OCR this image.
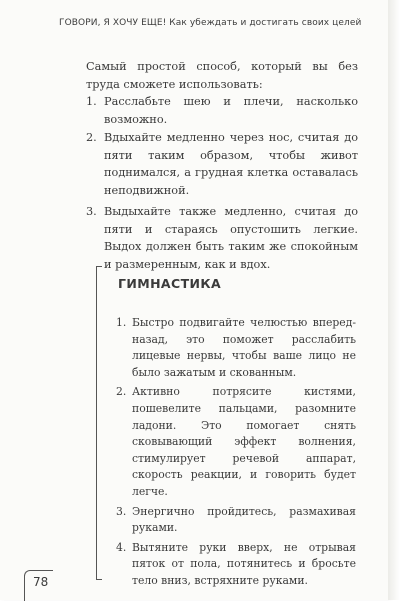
ГОВОРИ, Я ХОЧУ ЕЩЕ! Как убеждать и достигать своих целей

Самый простой способ, который вы без труда сможете использовать:

1. Расслабьте шею и плечи, насколько возможно.
2. Вдыхайте медленно через нос, считая до пяти таким образом, чтобы живот поднимался, а грудная клетка оставалась неподвижной.
3. Выдыхайте также медленно, считая до пяти и стараясь опустошить легкие. Выдох должен быть таким же спокойным и размеренным, как и вдох.
ГИМНАСТИКА
1. Быстро подвигайте челюстью вперед-назад, это поможет расслабить лицевые нервы, чтобы ваше лицо не было зажатым и скованным.
2. Активно потрясите кистями, пошевелите пальцами, разомните ладони. Это помогает снять сковывающий эффект волнения, стимулирует речевой аппарат, скорость реакции, и говорить будет легче.
3. Энергично пройдитесь, размахивая руками.
4. Вытяните руки вверх, не отрывая пяток от пола, потянитесь и бросьте тело вниз, встряхните руками.
78
